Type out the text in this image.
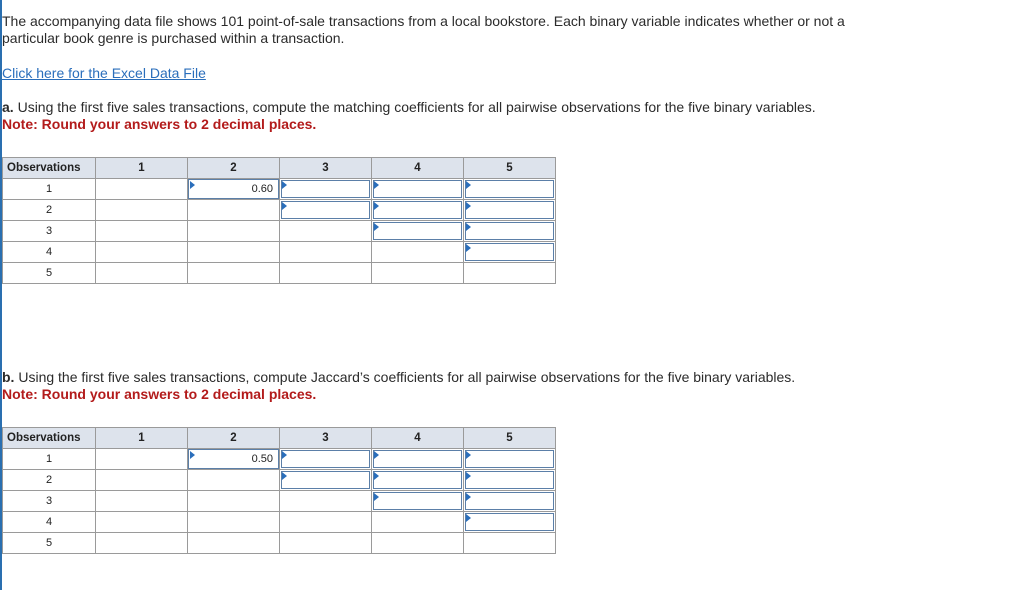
The accompanying data file shows 101 point-of-sale transactions from a local bookstore. Each binary variable indicates whether or not a particular book genre is purchased within a transaction.
Click here for the Excel Data File
a. Using the first five sales transactions, compute the matching coefficients for all pairwise observations for the five binary variables.
Note: Round your answers to 2 decimal places.
Observations	1	2	3	4	5
1		0.60	

2			

3				

4					

5					
b. Using the first five sales transactions, compute Jaccard’s coefficients for all pairwise observations for the five binary variables.
Note: Round your answers to 2 decimal places.
Observations	1	2	3	4	5
1		0.50	

2			

3				

4					

5					
